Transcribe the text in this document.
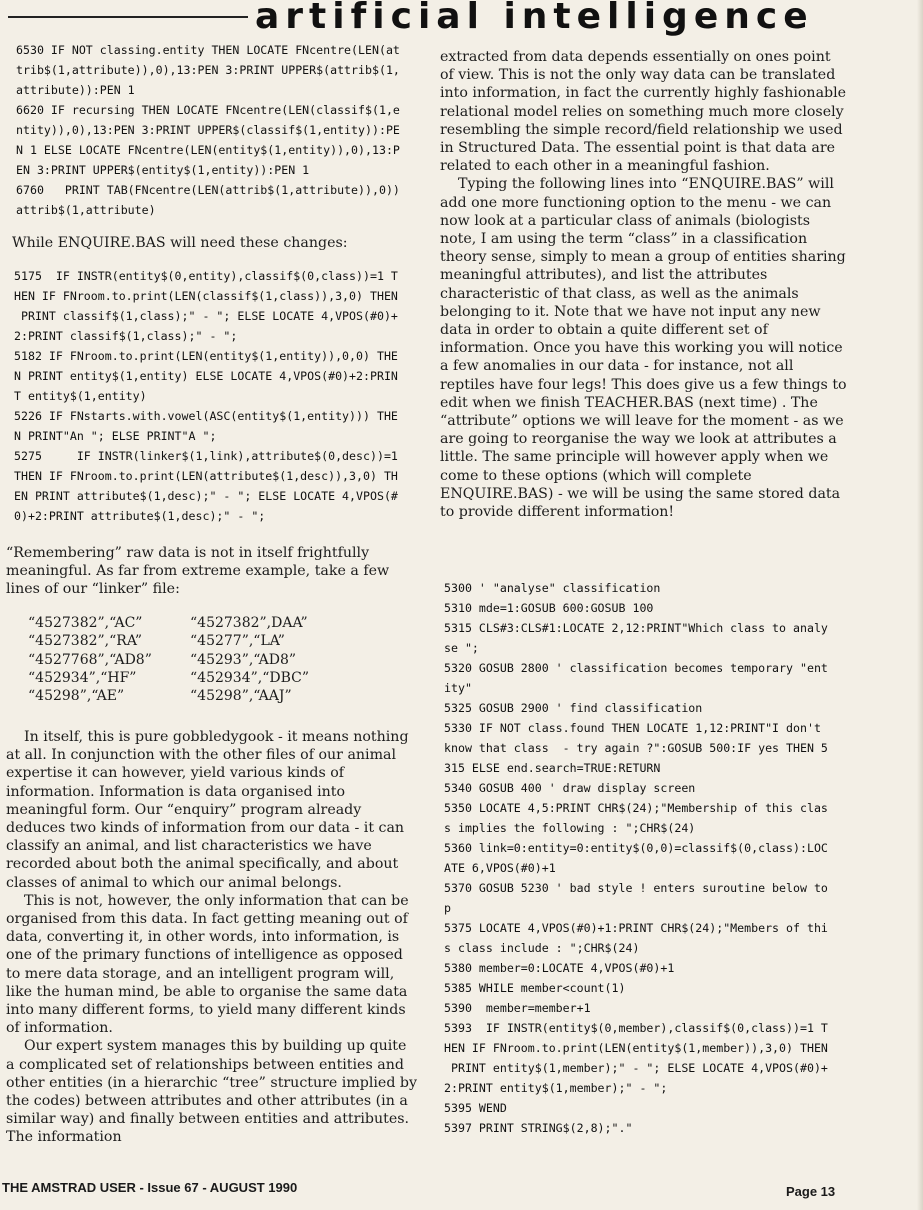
artificial intelligence
6530 IF NOT classing.entity THEN LOCATE FNcentre(LEN(at
trib$(1,attribute)),0),13:PEN 3:PRINT UPPER$(attrib$(1,
attribute)):PEN 1
6620 IF recursing THEN LOCATE FNcentre(LEN(classif$(1,e
ntity)),0),13:PEN 3:PRINT UPPER$(classif$(1,entity)):PE
N 1 ELSE LOCATE FNcentre(LEN(entity$(1,entity)),0),13:P
EN 3:PRINT UPPER$(entity$(1,entity)):PEN 1
6760   PRINT TAB(FNcentre(LEN(attrib$(1,attribute)),0))
attrib$(1,attribute)

While ENQUIRE.BAS will need these changes:

5175  IF INSTR(entity$(0,entity),classif$(0,class))=1 T
HEN IF FNroom.to.print(LEN(classif$(1,class)),3,0) THEN
PRINT classif$(1,class);" - "; ELSE LOCATE 4,VPOS(#0)+
2:PRINT classif$(1,class);" - ";
5182 IF FNroom.to.print(LEN(entity$(1,entity)),0,0) THE
N PRINT entity$(1,entity) ELSE LOCATE 4,VPOS(#0)+2:PRIN
T entity$(1,entity)
5226 IF FNstarts.with.vowel(ASC(entity$(1,entity))) THE
N PRINT"An "; ELSE PRINT"A ";
5275     IF INSTR(linker$(1,link),attribute$(0,desc))=1
THEN IF FNroom.to.print(LEN(attribute$(1,desc)),3,0) TH
EN PRINT attribute$(1,desc);" - "; ELSE LOCATE 4,VPOS(#
0)+2:PRINT attribute$(1,desc);" - ";

“Remembering” raw data is not in itself frightfully meaningful. As far from extreme example, take a few lines of our “linker” file:

“4527382”,“AC”	“4527382”,DAA”
“4527382”,“RA”	“45277”,“LA”
“4527768”,“AD8”	“45293”,“AD8”
“452934”,“HF”	“452934”,“DBC”
“45298”,“AE”	“45298”,“AAJ”

In itself, this is pure gobbledygook - it means nothing at all. In conjunction with the other files of our animal expertise it can however, yield various kinds of information. Information is data organised into meaningful form. Our “enquiry” program already deduces two kinds of information from our data - it can classify an animal, and list characteristics we have recorded about both the animal specifically, and about classes of animal to which our animal belongs.

This is not, however, the only information that can be organised from this data. In fact getting meaning out of data, converting it, in other words, into information, is one of the primary functions of intelligence as opposed to mere data storage, and an intelligent program will, like the human mind, be able to organise the same data into many different forms, to yield many different kinds of information.

Our expert system manages this by building up quite a complicated set of relationships between entities and other entities (in a hierarchic “tree” structure implied by the codes) between attributes and other attributes (in a similar way) and finally between entities and attributes. The information

extracted from data depends essentially on ones point of view. This is not the only way data can be translated into information, in fact the currently highly fashionable relational model relies on something much more closely resembling the simple record/field relationship we used in Structured Data. The essential point is that data are related to each other in a meaningful fashion.

Typing the following lines into “ENQUIRE.BAS” will add one more functioning option to the menu - we can now look at a particular class of animals (biologists note, I am using the term “class” in a classification theory sense, simply to mean a group of entities sharing meaningful attributes), and list the attributes characteristic of that class, as well as the animals belonging to it. Note that we have not input any new data in order to obtain a quite different set of information. Once you have this working you will notice a few anomalies in our data - for instance, not all reptiles have four legs! This does give us a few things to edit when we finish TEACHER.BAS (next time) . The “attribute” options we will leave for the moment - as we are going to reorganise the way we look at attributes a little. The same principle will however apply when we come to these options (which will complete ENQUIRE.BAS) - we will be using the same stored data to provide different information!

5300 ' "analyse" classification
5310 mde=1:GOSUB 600:GOSUB 100
5315 CLS#3:CLS#1:LOCATE 2,12:PRINT"Which class to analy
se ";
5320 GOSUB 2800 ' classification becomes temporary "ent
ity"
5325 GOSUB 2900 ' find classification
5330 IF NOT class.found THEN LOCATE 1,12:PRINT"I don't
know that class  - try again ?":GOSUB 500:IF yes THEN 5
315 ELSE end.search=TRUE:RETURN
5340 GOSUB 400 ' draw display screen
5350 LOCATE 4,5:PRINT CHR$(24);"Membership of this clas
s implies the following : ";CHR$(24)
5360 link=0:entity=0:entity$(0,0)=classif$(0,class):LOC
ATE 6,VPOS(#0)+1
5370 GOSUB 5230 ' bad style ! enters suroutine below to
p
5375 LOCATE 4,VPOS(#0)+1:PRINT CHR$(24);"Members of thi
s class include : ";CHR$(24)
5380 member=0:LOCATE 4,VPOS(#0)+1
5385 WHILE member<count(1)
5390  member=member+1
5393  IF INSTR(entity$(0,member),classif$(0,class))=1 T
HEN IF FNroom.to.print(LEN(entity$(1,member)),3,0) THEN
PRINT entity$(1,member);" - "; ELSE LOCATE 4,VPOS(#0)+
2:PRINT entity$(1,member);" - ";
5395 WEND
5397 PRINT STRING$(2,8);"."
THE AMSTRAD USER - Issue 67 - AUGUST 1990	Page 13
